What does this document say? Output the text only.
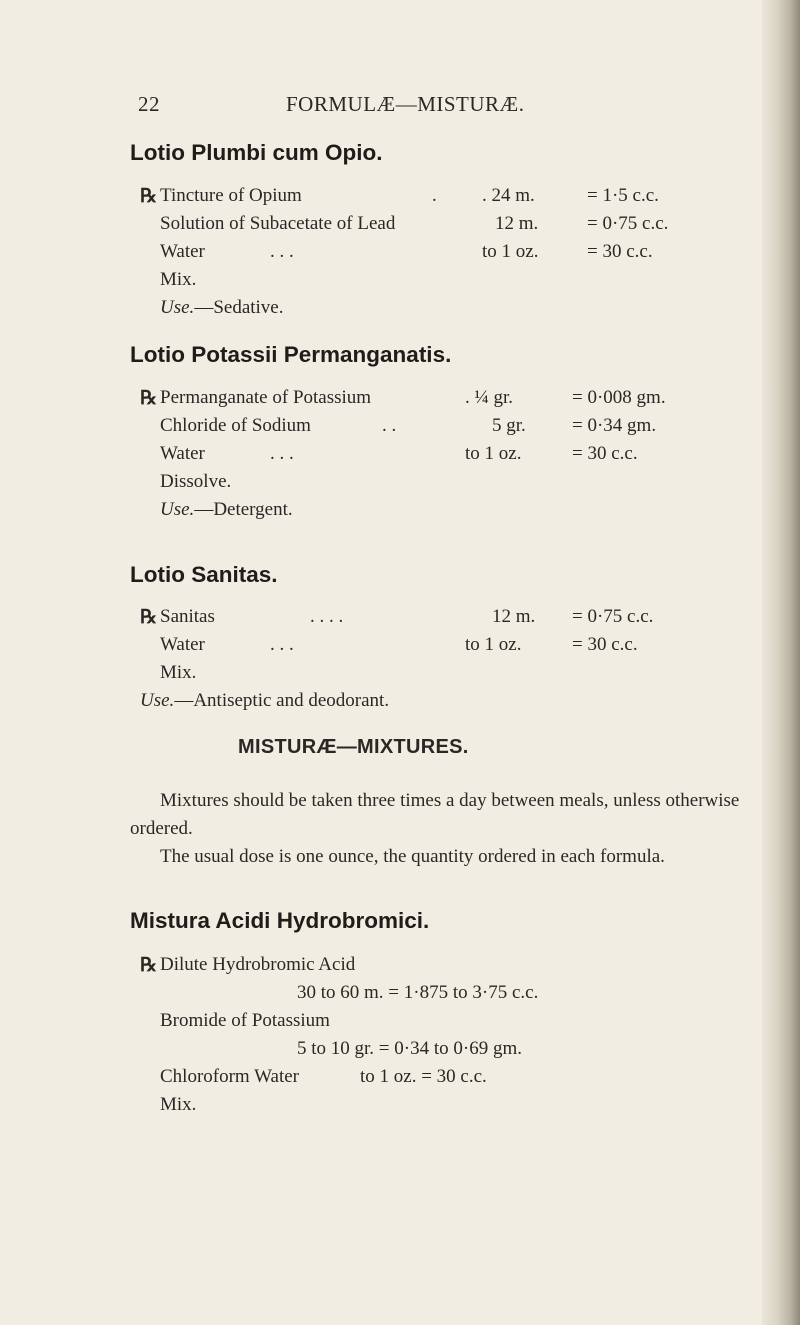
22	FORMULÆ—MISTURÆ.
Lotio Plumbi cum Opio.
℞ Tincture of Opium	. . 24 m.	= 1·5 c.c.
Solution of Subacetate of Lead	12 m.	= 0·75 c.c.
Water	. . .	to 1 oz.	= 30 c.c.
Mix.
Use.—Sedative.
Lotio Potassii Permanganatis.
℞ Permanganate of Potassium	. ¼ gr.	= 0·008 gm.
Chloride of Sodium	. .	5 gr. = 0·34 gm.
Water	. . .	to 1 oz.	= 30 c.c.
Dissolve.
Use.—Detergent.
Lotio Sanitas.
℞ Sanitas	. . . .	12 m. = 0·75 c.c.
Water	. . .	to 1 oz.	= 30 c.c.
Mix.
Use.—Antiseptic and deodorant.
MISTURÆ—MIXTURES.

Mixtures should be taken three times a day between meals, unless otherwise ordered.

The usual dose is one ounce, the quantity ordered in each formula.

Mistura Acidi Hydrobromici.
℞ Dilute Hydrobromic Acid
30 to 60 m. = 1·875 to 3·75 c.c.
Bromide of Potassium
5 to 10 gr. = 0·34 to 0·69 gm.
Chloroform Water	to 1 oz. = 30 c.c.
Mix.
